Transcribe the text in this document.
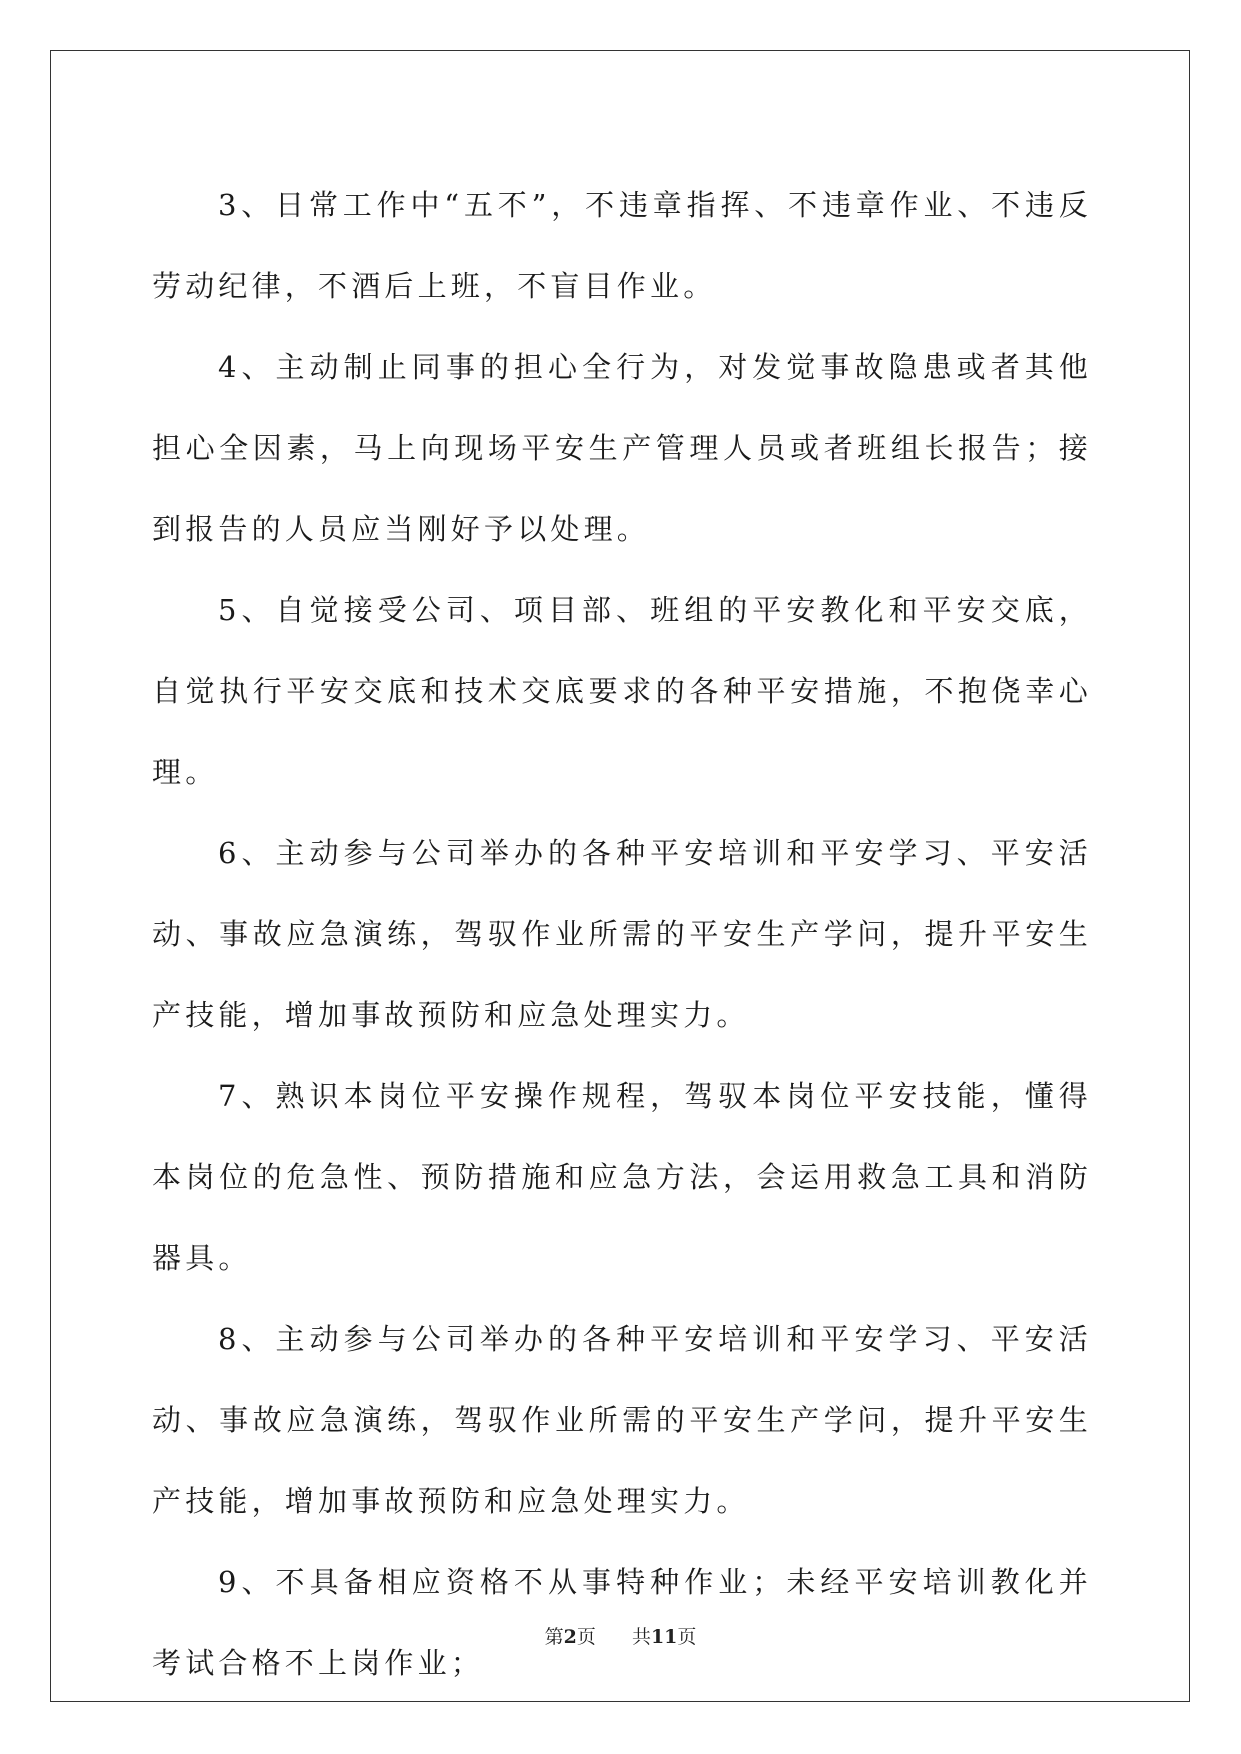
3、日常工作中“五不”，不违章指挥、不违章作业、不违反劳动纪律，不酒后上班，不盲目作业。

4、主动制止同事的担心全行为，对发觉事故隐患或者其他担心全因素，马上向现场平安生产管理人员或者班组长报告；接到报告的人员应当刚好予以处理。

5、自觉接受公司、项目部、班组的平安教化和平安交底，自觉执行平安交底和技术交底要求的各种平安措施，不抱侥幸心理。

6、主动参与公司举办的各种平安培训和平安学习、平安活动、事故应急演练，驾驭作业所需的平安生产学问，提升平安生产技能，增加事故预防和应急处理实力。

7、熟识本岗位平安操作规程，驾驭本岗位平安技能，懂得本岗位的危急性、预防措施和应急方法，会运用救急工具和消防器具。

8、主动参与公司举办的各种平安培训和平安学习、平安活动、事故应急演练，驾驭作业所需的平安生产学问，提升平安生产技能，增加事故预防和应急处理实力。

9、不具备相应资格不从事特种作业；未经平安培训教化并考试合格不上岗作业；

第2页 共11页
